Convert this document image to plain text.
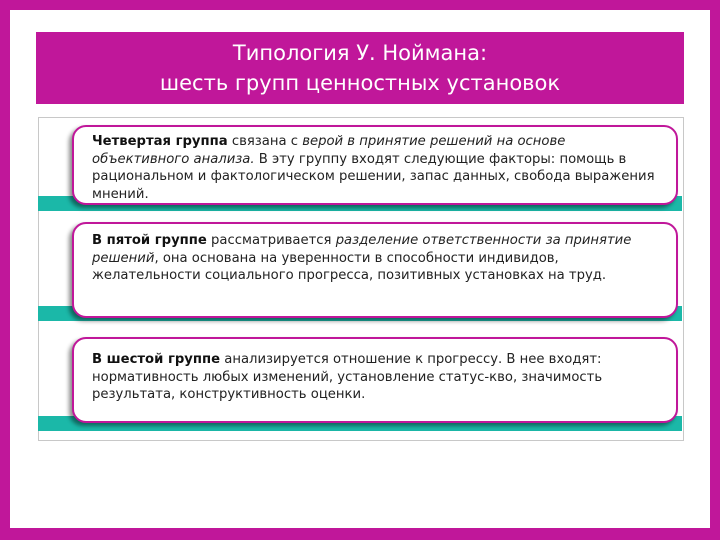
Типология У. Ноймана:
шесть групп ценностных установок
Четвертая группа связана с верой в принятие решений на основе объективного анализа. В эту группу входят следующие факторы: помощь в рациональном и фактологическом решении, запас данных, свобода выражения мнений.
В пятой группе рассматривается разделение ответственности за принятие решений, она основана на уверенности в способности индивидов, желательности социального прогресса, позитивных установках на труд.
В шестой группе анализируется отношение к прогрессу. В нее входят: нормативность любых изменений, установление статус-кво, значимость результата, конструктивность оценки.
